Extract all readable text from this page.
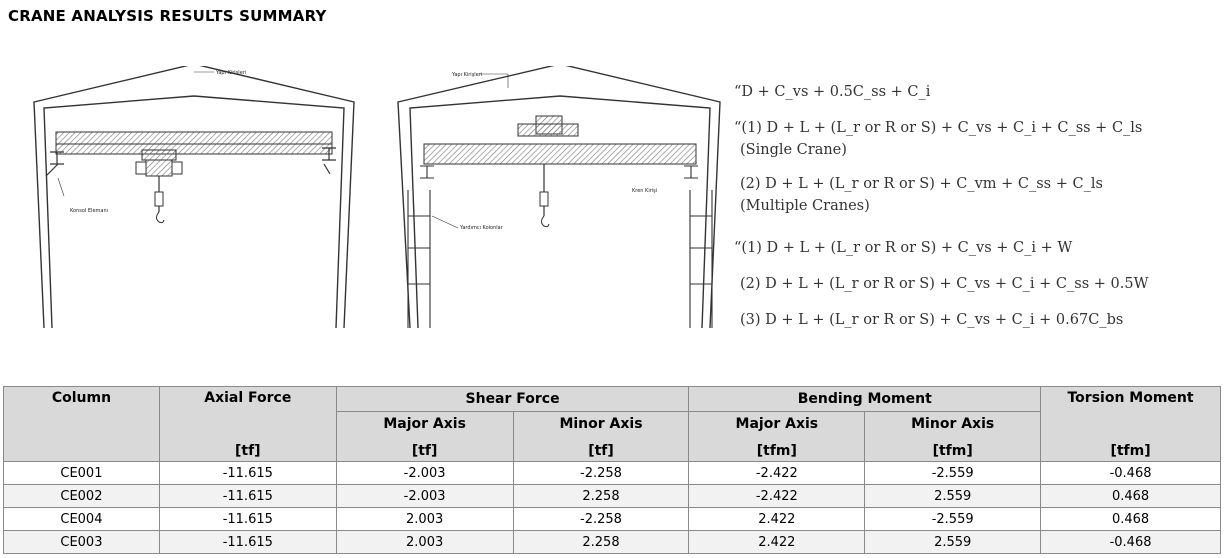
CRANE ANALYSIS RESULTS SUMMARY
Yapı Kirişleri
Konsol Elemanı
Yapı Kirişleri
Kren Kirişi
Yardımcı Kolonlar
“D + C_vs + 0.5C_ss + C_i
“(1) D + L + (L_r or R or S) + C_vs + C_i + C_ss + C_ls
(Single Crane)
(2) D + L + (L_r or R or S) + C_vm + C_ss + C_ls
(Multiple Cranes)
“(1) D + L + (L_r or R or S) + C_vs + C_i + W
(2) D + L + (L_r or R or S) + C_vs + C_i + C_ss + 0.5W
(3) D + L + (L_r or R or S) + C_vs + C_i + 0.67C_bs
Column	Axial Force	Shear Force		Bending Moment		Torsion Moment
		Major Axis	Minor Axis	Major Axis	Minor Axis	
	[tf]	[tf]	[tf]	[tfm]	[tfm]	[tfm]
CE001	-11.615	-2.003	-2.258	-2.422	-2.559	-0.468
CE002	-11.615	-2.003	2.258	-2.422	2.559	0.468
CE004	-11.615	2.003	-2.258	2.422	-2.559	0.468
CE003	-11.615	2.003	2.258	2.422	2.559	-0.468
